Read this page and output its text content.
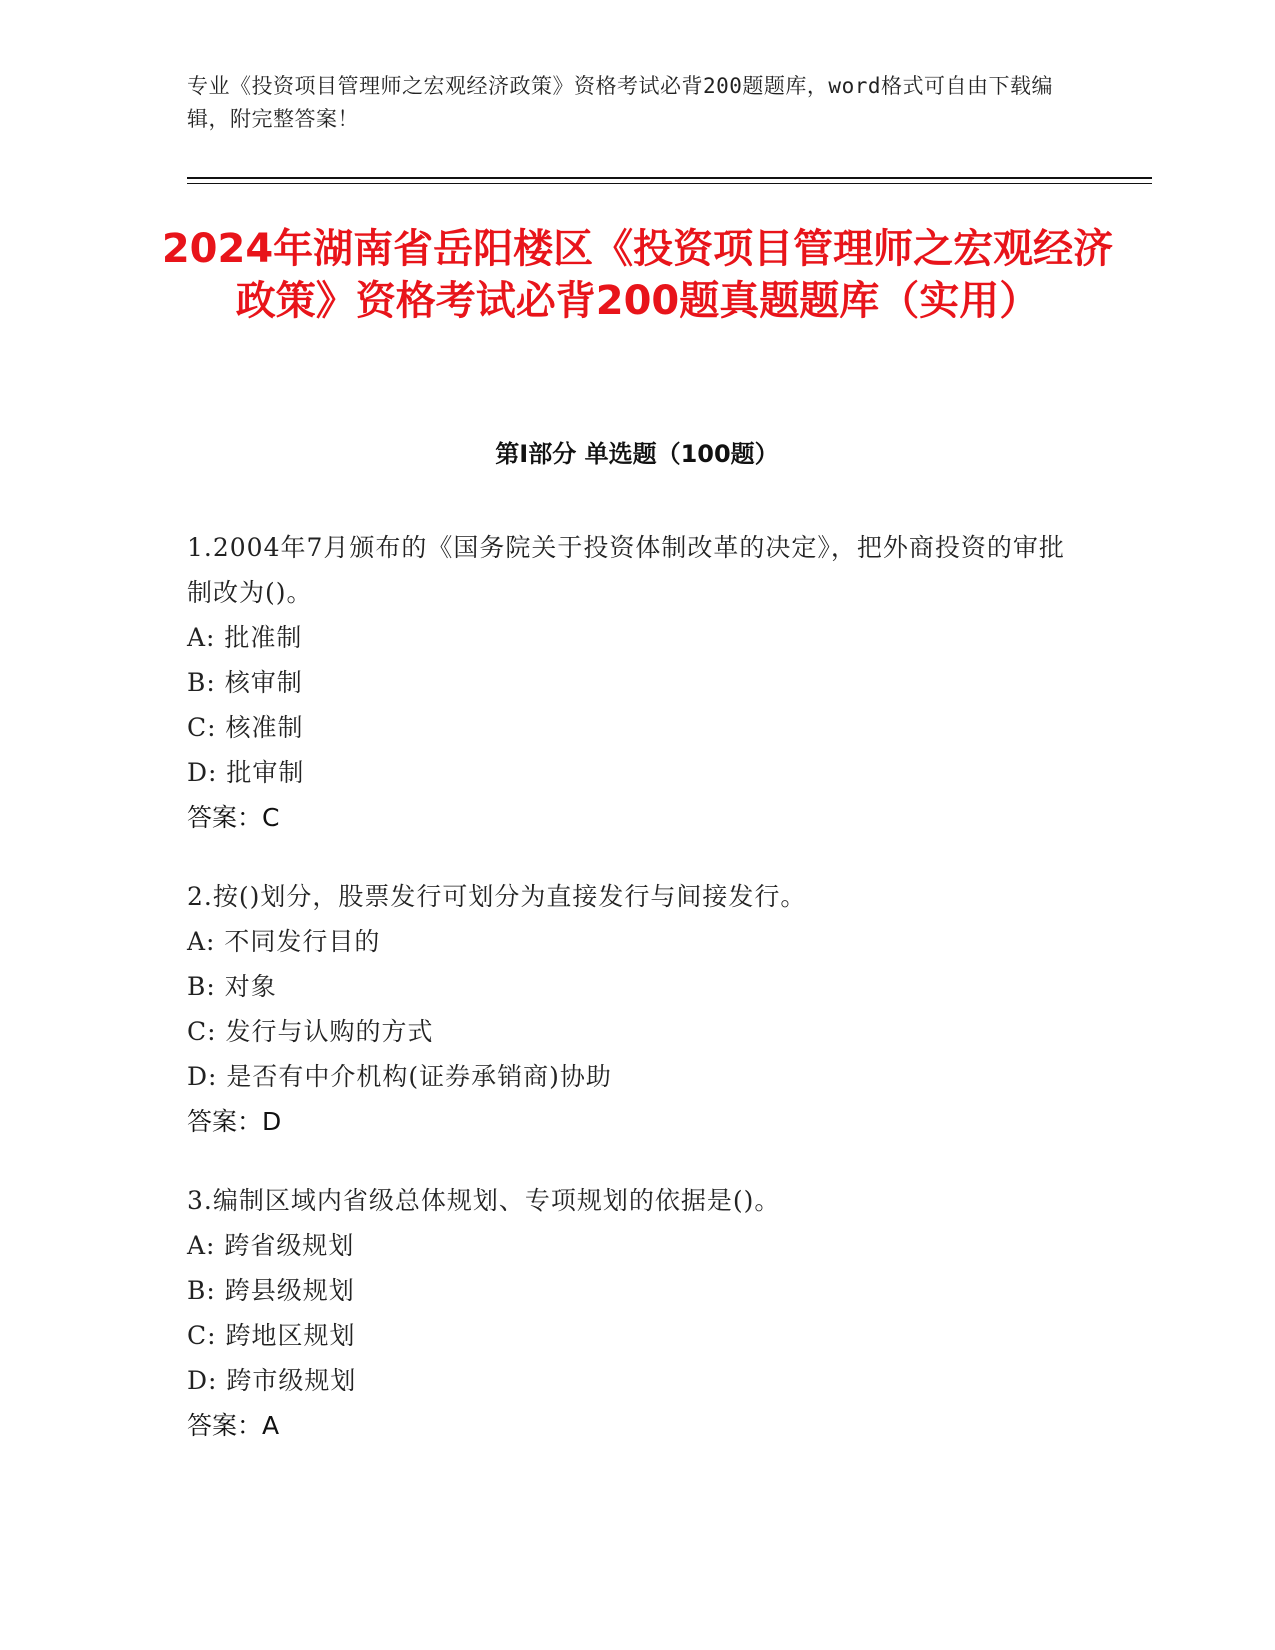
专业《投资项目管理师之宏观经济政策》资格考试必背200题题库，word格式可自由下载编辑，附完整答案！
2024年湖南省岳阳楼区《投资项目管理师之宏观经济政策》资格考试必背200题真题题库（实用）
第Ⅰ部分 单选题（100题）
1.2004年7月颁布的《国务院关于投资体制改革的决定》，把外商投资的审批制改为()。
A: 批准制
B: 核审制
C: 核准制
D: 批审制
答案：C
2.按()划分，股票发行可划分为直接发行与间接发行。
A: 不同发行目的
B: 对象
C: 发行与认购的方式
D: 是否有中介机构(证券承销商)协助
答案：D
3.编制区域内省级总体规划、专项规划的依据是()。
A: 跨省级规划
B: 跨县级规划
C: 跨地区规划
D: 跨市级规划
答案：A
